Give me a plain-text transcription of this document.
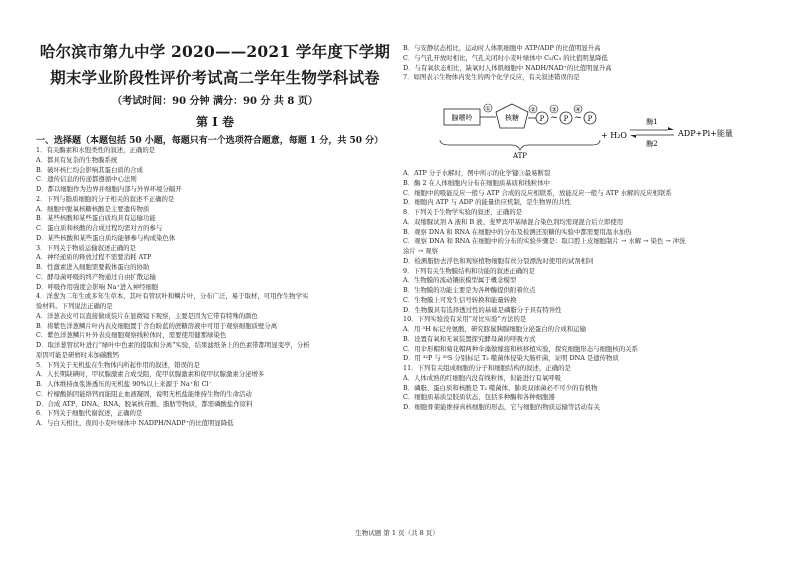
哈尔滨市第九中学 2020——2021 学年度下学期
期末学业阶段性评价考试高二学年生物学科试卷
（考试时间：90 分钟 满分：90 分 共 8 页）
第 I 卷
一、选择题（本题包括 50 小题，每题只有一个选项符合题意，每题 1 分，共 50 分）
1．有关酶素和水饱类性的叙述，正确的是
A．都具有复杂的生物膜系统
B．破坏核仁均会影响其蛋白质的合成
C．遗传信息的传递都遵循中心法则
D．都以细胞作为边界并细胞内部与外界环境分隔开
2．下列与脂质细胞的分子相关的叙述不正确的是
A．细胞中脱氧核糖核酸是主要遗传物质
B．某些核酸和某些蛋白质均具有运输功能
C．蛋白质和核酸的合成过程均需对方的参与
D．某些核酸和某些蛋白质均能够参与构成染色体
3．下列关于物质运输叙述正确的是
A．神经递质的释放过程不需要消耗 ATP
B．性激素进入细胞需要载体蛋白的协助
C．酵母菌呼吸的终产物通过自由扩散运输
D．呼吸作用强度会影响 Na⁺进入神经细胞
4．洋葱为二年生或多年生草本，其叶有管状叶和鳞片叶，分布广泛，易于取材，可用作生物学实
验材料。下列说法正确的是
A．洋葱表皮可以直接做成装片在显微镜下观察，主要是因为它带有特殊的颜色
B．将紫色洋葱鳞片叶内表皮细胞置于含台盼蓝的蔗糖溶液中可用于观察细胞质壁分离
C．紫色洋葱鳞片叶外表皮细胞观察线粒体时，需要使用健那绿染色
D．取洋葱管状叶进行“绿叶中色素的提取和分离”实验，结果滤纸条上的色素带都明显变亭，分析
原因可能是研磨时未加碳酸钙
5．下列关于无机盐在生物体内所起作用的叙述，错误的是
A．人长期缺碘时，甲状腺激素合成受阻，促甲状腺激素和促甲状腺激素分泌增多
B．人体维持血浆渗透压的无机盐 90%以上来源于 Na⁺和 Cl⁻
C．柠檬酸钠因能络钙而能阻止血液凝固，说明无机盐能维持生物的生命活动
D．合成 ATP、DNA、RNA、脱氧核苷酸、脂肪等物质，都需磷酸盐作原料
6．下列关于细胞代谢叙述，正确的是
A．与白天相比，夜间小麦叶绿体中 NADPH/NADP⁺的比值明显降低
B．与安静状态相比，运动时人体肌细胞中 ATP/ADP 的比值明显升高
C．与气孔开放时相比，气孔关闭时小麦叶绿体中 C₅/C₃ 的比值明显降低
D．与有氧状态相比，缺氧时人体肌细胞中 NADH/NAD⁺的比值明显升高
7．如图表示生物体内发生的两个化学反应，有关叙述错误的是
A．ATP 分子水解时，图中所示的化学键③最易断裂
B．酶 2 在人体细胞内分布在细胞质基质和线粒体中
C．细胞中的吸能反应一般与 ATP 合成的反应相联系，放能反应一般与 ATP 水解的反应相联系
D．细胞内 ATP 与 ADP 的能量供应机制，是生物界的共性
8．下列关于生物学实验的叙述，正确的是
A．双缩脲试剂 A 液和 B 液、斐罗宾甲基绿混合染色剂均需现混合后立即使用
B．观察 DNA 和 RNA 在细胞中的分布及检测还原糖的实验中都需要用温水加热
C．观察 DNA 和 RNA 在细胞中的分布的实验步骤是：取口腔上皮细胞制片 → 水解 → 染色 → 冲洗
涂片 → 观察
D．检测脂肪去浮色和观察植物细胞有丝分裂漂洗时使用的试剂相同
9．下列有关生物膜结构和功能的叙述正确的是
A．生物膜的流动镶嵌模型属于概念模型
B．生物膜的功能主要是为各种酶提供附着位点
C．生物膜上可发生信号转换和能量转换
D．生物膜具有选择透过性的基础是磷脂分子具有特异性
10．下列实验没有采用“对比实验”方法的是
A．用 ³H 标记亮氨酸，研究豚鼠胰腺细胞分泌蛋白的合成和运输
B．设置有氧和无氧装置探究酵母菌的呼吸方式
C．用伞形帽和菊花帽两种伞藻做嫁接和核移植实验，探究细胞形态与细胞核的关系
D．用 ³²P 与 ³⁵S 分别标记 T₂ 噬菌体侵染大肠杆菌，证明 DNA 是遗传物质
11．下列有关组成细胞的分子和细胞结构的叙述，正确的是
A．人体成熟的红细胞内没有线粒体，但能进行有氧呼吸
B．磷脂、蛋白质和核酸是 T₂ 噬菌体、肺炎双球菌必不可少的有机物
C．细胞质基质呈胶质状态，包括多种酶和各种细胞器
D．细胞骨架能维持真核细胞的形态，它与细胞的物质运输等活动有关
腺嘌呤
①
核糖
②
P ~
③
P ~
④
P
+ H₂O
ATP
酶1
酶2
ADP+Pi+能量
生物试题 第 1 页（共 8 页）
